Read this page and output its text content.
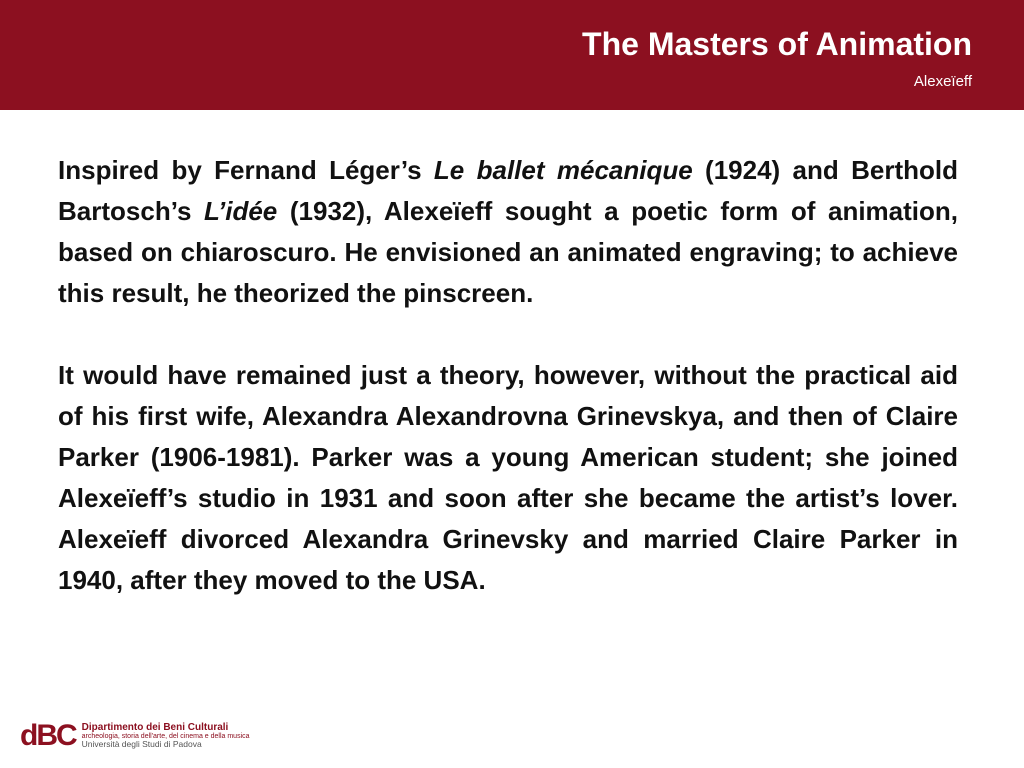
The Masters of Animation
Alexeïeff

Inspired by Fernand Léger’s Le ballet mécanique (1924) and Berthold Bartosch’s L’idée (1932), Alexeïeff sought a poetic form of animation, based on chiaroscuro. He envisioned an animated engraving; to achieve this result, he theorized the pinscreen.

It would have remained just a theory, however, without the practical aid of his first wife, Alexandra Alexandrovna Grinevskya, and then of Claire Parker (1906-1981). Parker was a young American student; she joined Alexeïeff’s studio in 1931 and soon after she became the artist’s lover. Alexeïeff divorced Alexandra Grinevsky and married Claire Parker in 1940, after they moved to the USA.

dBC Dipartimento dei Beni Culturali
archeologia, storia dell'arte, del cinema e della musica
Università degli Studi di Padova
